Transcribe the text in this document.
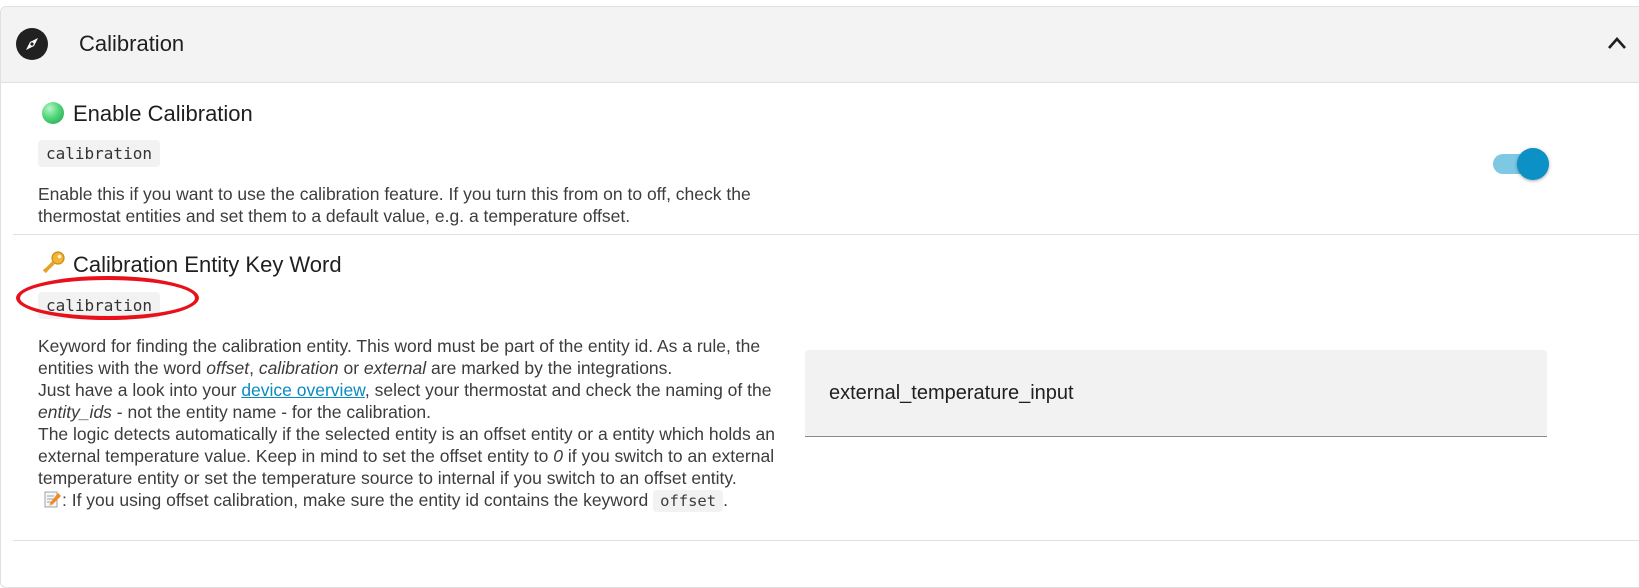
Calibration
Enable Calibration
calibration
Enable this if you want to use the calibration feature. If you turn this from on to off, check the thermostat entities and set them to a default value, e.g. a temperature offset.
Calibration Entity Key Word
calibration
Keyword for finding the calibration entity. This word must be part of the entity id. As a rule, the entities with the word offset, calibration or external are marked by the integrations.
Just have a look into your device overview, select your thermostat and check the naming of the entity_ids - not the entity name - for the calibration.
The logic detects automatically if the selected entity is an offset entity or a entity which holds an external temperature value. Keep in mind to set the offset entity to 0 if you switch to an external temperature entity or set the temperature source to internal if you switch to an offset entity.
: If you using offset calibration, make sure the entity id contains the keyword offset .
external_temperature_input
